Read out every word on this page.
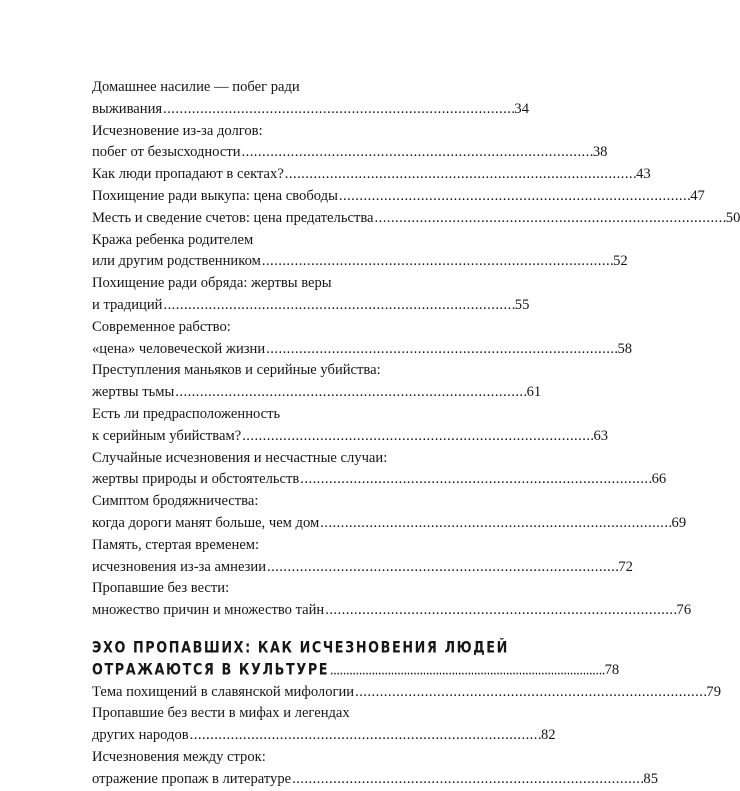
Домашнее насилие — побег ради
выживания . . .	34
Исчезновение из-за долгов:
побег от безысходности . . .	38
Как люди пропадают в сектах? . . .	43
Похищение ради выкупа: цена свободы . . .	47
Месть и сведение счетов: цена предательства . . .	50
Кража ребенка родителем
или другим родственником . . .	52
Похищение ради обряда: жертвы веры
и традиций . . .	55
Современное рабство:
«цена» человеческой жизни . . .	58
Преступления маньяков и серийные убийства:
жертвы тьмы . . .	61
Есть ли предрасположенность
к серийным убийствам? . . .	63
Случайные исчезновения и несчастные случаи:
жертвы природы и обстоятельств . . .	66
Симптом бродяжничества:
когда дороги манят больше, чем дом . . .	69
Память, стертая временем:
исчезновения из-за амнезии . . .	72
Пропавшие без вести:
множество причин и множество тайн . . .	76
ЭХО ПРОПАВШИХ: КАК ИСЧЕЗНОВЕНИЯ ЛЮДЕЙ
ОТРАЖАЮТСЯ В КУЛЬТУРЕ . . .	78
Тема похищений в славянской мифологии . . .	79
Пропавшие без вести в мифах и легендах
других народов . . .	82
Исчезновения между строк:
отражение пропаж в литературе . . .	85
